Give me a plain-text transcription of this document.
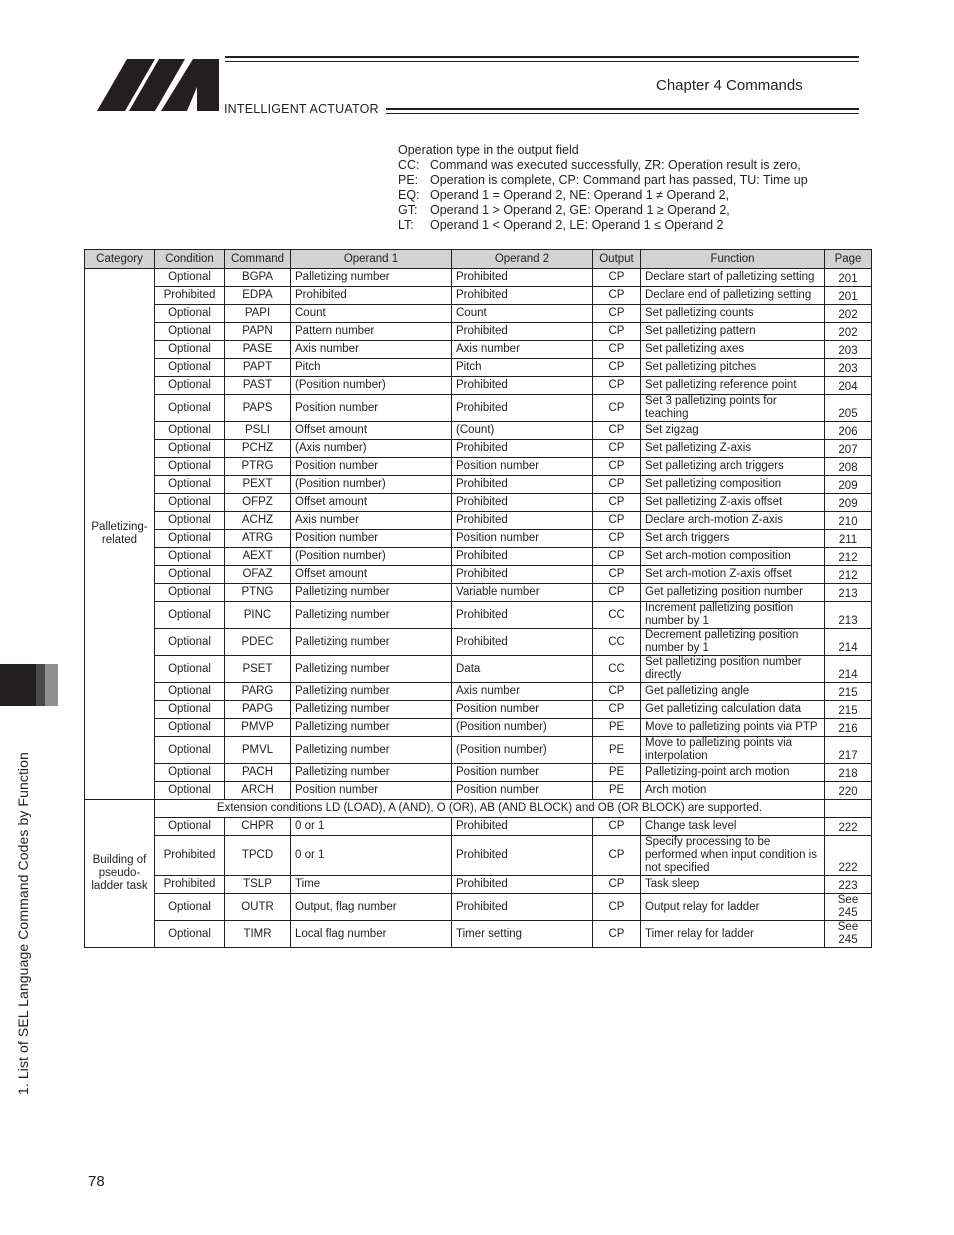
INTELLIGENT ACTUATOR
Chapter 4 Commands
Operation type in the output field
CC: Command was executed successfully, ZR: Operation result is zero,
PE: Operation is complete, CP: Command part has passed, TU: Time up
EQ: Operand 1 = Operand 2, NE: Operand 1 ≠ Operand 2,
GT:	Operand 1 > Operand 2, GE: Operand 1 ≥ Operand 2,
LT:	Operand 1 < Operand 2, LE: Operand 1 ≤ Operand 2
Category	Condition	Command	Operand 1	Operand 2	Output	Function	Page
Palletizing-related	Optional	BGPA	Palletizing number	Prohibited	CP	Declare start of palletizing setting	201
	Prohibited	EDPA	Prohibited	Prohibited	CP	Declare end of palletizing setting	201
	Optional	PAPI	Count	Count	CP	Set palletizing counts	202
	Optional	PAPN	Pattern number	Prohibited	CP	Set palletizing pattern	202
	Optional	PASE	Axis number	Axis number	CP	Set palletizing axes	203
	Optional	PAPT	Pitch	Pitch	CP	Set palletizing pitches	203
	Optional	PAST	(Position number)	Prohibited	CP	Set palletizing reference point	204
	Optional	PAPS	Position number	Prohibited	CP	Set 3 palletizing points for teaching	205
	Optional	PSLI	Offset amount	(Count)	CP	Set zigzag	206
	Optional	PCHZ	(Axis number)	Prohibited	CP	Set palletizing Z-axis	207
	Optional	PTRG	Position number	Position number	CP	Set palletizing arch triggers	208
	Optional	PEXT	(Position number)	Prohibited	CP	Set palletizing composition	209
	Optional	OFPZ	Offset amount	Prohibited	CP	Set palletizing Z-axis offset	209
	Optional	ACHZ	Axis number	Prohibited	CP	Declare arch-motion Z-axis	210
	Optional	ATRG	Position number	Position number	CP	Set arch triggers	211
	Optional	AEXT	(Position number)	Prohibited	CP	Set arch-motion composition	212
	Optional	OFAZ	Offset amount	Prohibited	CP	Set arch-motion Z-axis offset	212
	Optional	PTNG	Palletizing number	Variable number	CP	Get palletizing position number	213
	Optional	PINC	Palletizing number	Prohibited	CC	Increment palletizing position number by 1	213
	Optional	PDEC	Palletizing number	Prohibited	CC	Decrement palletizing position number by 1	214
	Optional	PSET	Palletizing number	Data	CC	Set palletizing position number directly	214
	Optional	PARG	Palletizing number	Axis number	CP	Get palletizing angle	215
	Optional	PAPG	Palletizing number	Position number	CP	Get palletizing calculation data	215
	Optional	PMVP	Palletizing number	(Position number)	PE	Move to palletizing points via PTP	216
	Optional	PMVL	Palletizing number	(Position number)	PE	Move to palletizing points via interpolation	217
	Optional	PACH	Palletizing number	Position number	PE	Palletizing-point arch motion	218
	Optional	ARCH	Position number	Position number	PE	Arch motion	220
Building of pseudo-ladder task	Extension conditions LD (LOAD), A (AND), O (OR), AB (AND BLOCK) and OB (OR BLOCK) are supported.						
	Optional	CHPR	0 or 1	Prohibited	CP	Change task level	222
	Prohibited	TPCD	0 or 1	Prohibited	CP	Specify processing to be performed when input condition is not specified	222
	Prohibited	TSLP	Time	Prohibited	CP	Task sleep	223
	Optional	OUTR	Output, flag number	Prohibited	CP	Output relay for ladder	See 245
	Optional	TIMR	Local flag number	Timer setting	CP	Timer relay for ladder	See 245
1. List of SEL Language Command Codes by Function
78
